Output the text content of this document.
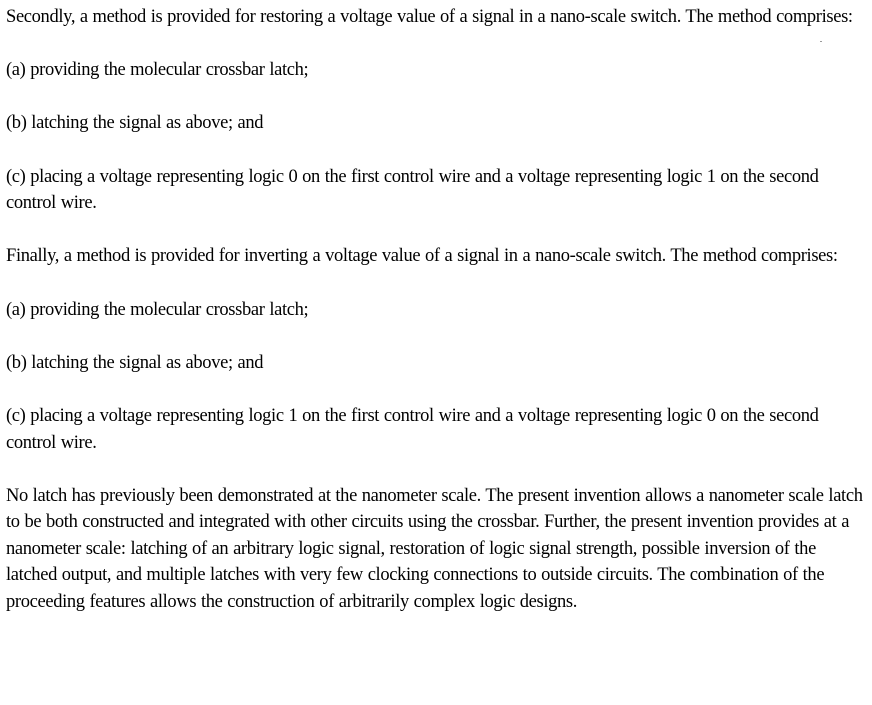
Secondly, a method is provided for restoring a voltage value of a signal in a nano-scale switch. The method comprises:

(a) providing the molecular crossbar latch;

(b) latching the signal as above; and

(c) placing a voltage representing logic 0 on the first control wire and a voltage representing logic 1 on the second control wire.

Finally, a method is provided for inverting a voltage value of a signal in a nano-scale switch. The method comprises:

(a) providing the molecular crossbar latch;

(b) latching the signal as above; and

(c) placing a voltage representing logic 1 on the first control wire and a voltage representing logic 0 on the second control wire.

No latch has previously been demonstrated at the nanometer scale. The present invention allows a nanometer scale latch to be both constructed and integrated with other circuits using the crossbar. Further, the present invention provides at a nanometer scale: latching of an arbitrary logic signal, restoration of logic signal strength, possible inversion of the latched output, and multiple latches with very few clocking connections to outside circuits. The combination of the proceeding features allows the construction of arbitrarily complex logic designs.
